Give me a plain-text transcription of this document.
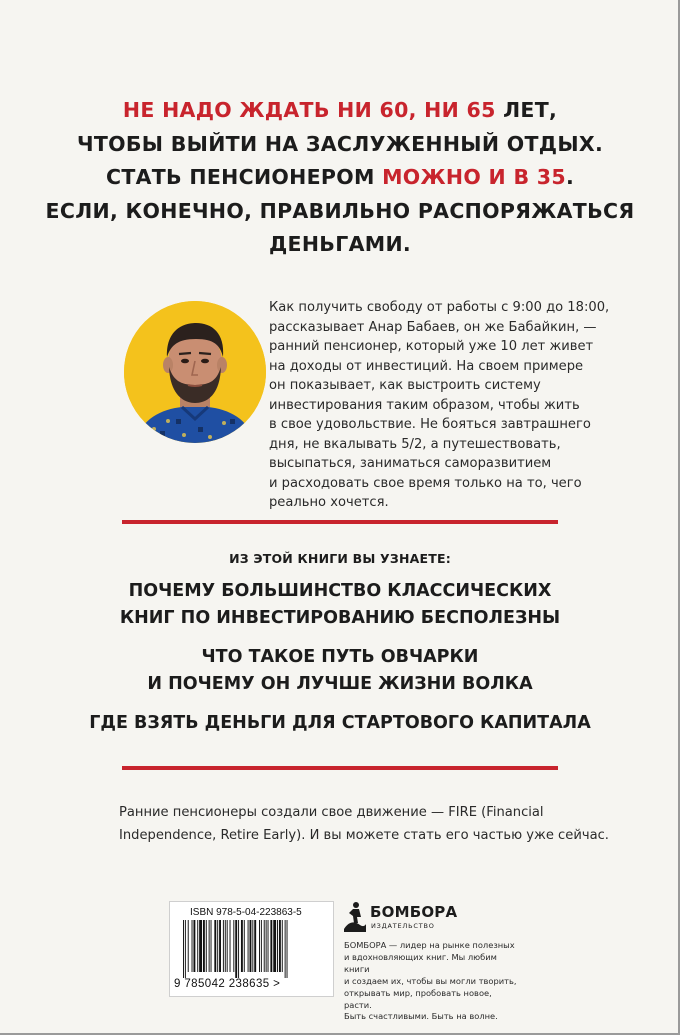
НЕ НАДО ЖДАТЬ НИ 60, НИ 65 ЛЕТ,
ЧТОБЫ ВЫЙТИ НА ЗАСЛУЖЕННЫЙ ОТДЫХ.
СТАТЬ ПЕНСИОНЕРОМ МОЖНО И В 35.
ЕСЛИ, КОНЕЧНО, ПРАВИЛЬНО РАСПОРЯЖАТЬСЯ
ДЕНЬГАМИ.
Как получить свободу от работы с 9:00 до 18:00,
рассказывает Анар Бабаев, он же Бабайкин, —
ранний пенсионер, который уже 10 лет живет
на доходы от инвестиций. На своем примере
он показывает, как выстроить систему
инвестирования таким образом, чтобы жить
в свое удовольствие. Не бояться завтрашнего
дня, не вкалывать 5/2, а путешествовать,
высыпаться, заниматься саморазвитием
и расходовать свое время только на то, чего
реально хочется.
ИЗ ЭТОЙ КНИГИ ВЫ УЗНАЕТЕ:
ПОЧЕМУ БОЛЬШИНСТВО КЛАССИЧЕСКИХ
КНИГ ПО ИНВЕСТИРОВАНИЮ БЕСПОЛЕЗНЫ
ЧТО ТАКОЕ ПУТЬ ОВЧАРКИ
И ПОЧЕМУ ОН ЛУЧШЕ ЖИЗНИ ВОЛКА
ГДЕ ВЗЯТЬ ДЕНЬГИ ДЛЯ СТАРТОВОГО КАПИТАЛА
Ранние пенсионеры создали свое движение — FIRE (Financial
Independence, Retire Early). И вы можете стать его частью уже сейчас.
ISBN 978-5-04-223863-5
9 785042 238635 >
БОМБОРА
ИЗДАТЕЛЬСТВО
БОМБОРА — лидер на рынке полезных
и вдохновляющих книг. Мы любим книги
и создаем их, чтобы вы могли творить,
открывать мир, пробовать новое, расти.
Быть счастливыми. Быть на волне.
